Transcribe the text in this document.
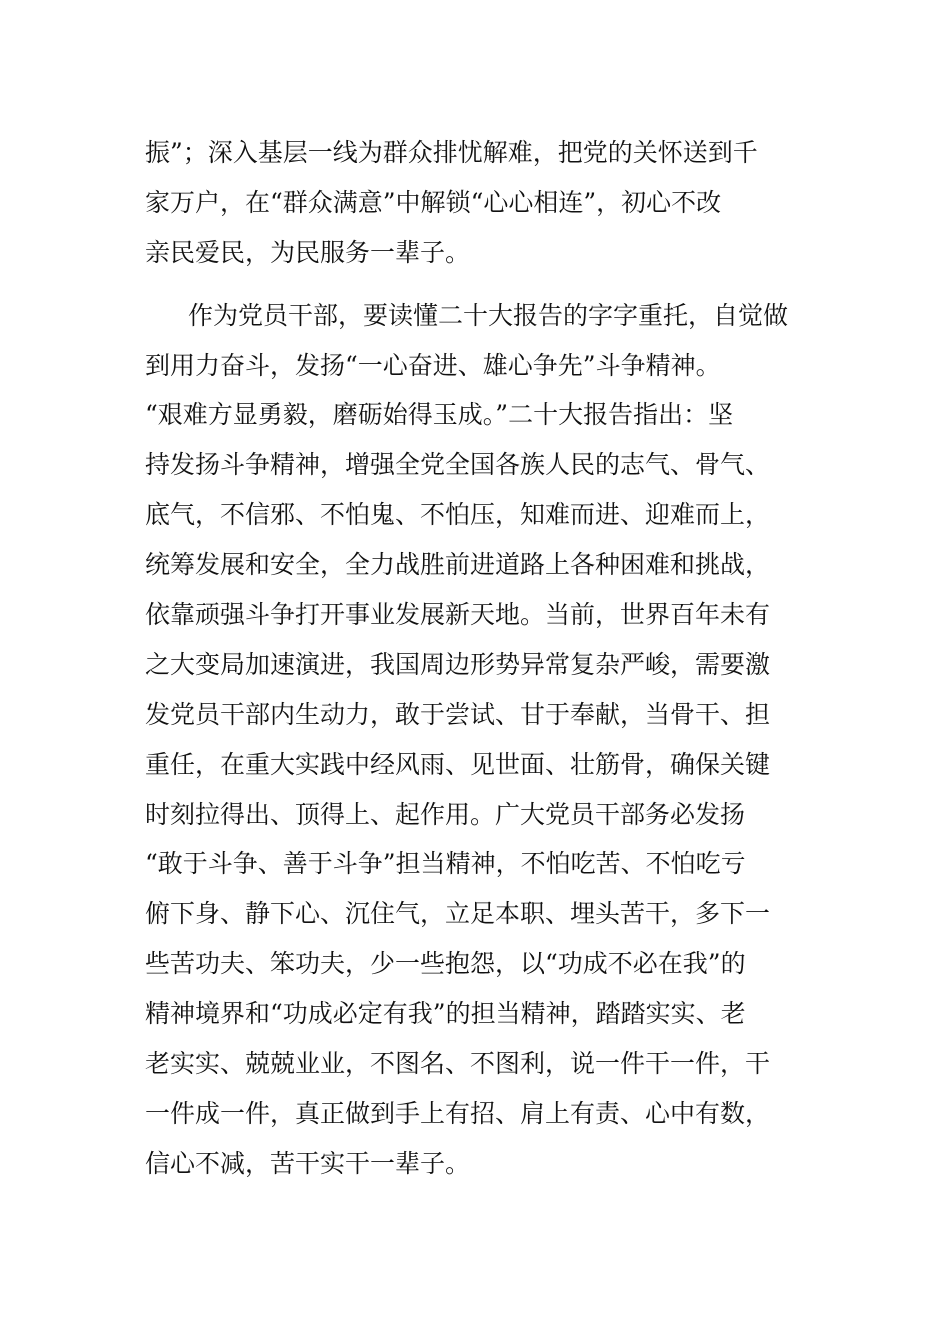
振”；深入基层一线为群众排忧解难，把党的关怀送到千
家万户，在“群众满意”中解锁“心心相连”，初心不改
亲民爱民，为民服务一辈子。
作为党员干部，要读懂二十大报告的字字重托，自觉做
到用力奋斗，发扬“一心奋进、雄心争先”斗争精神。
“艰难方显勇毅，磨砺始得玉成。”二十大报告指出：坚
持发扬斗争精神，增强全党全国各族人民的志气、骨气、
底气，不信邪、不怕鬼、不怕压，知难而进、迎难而上，
统筹发展和安全，全力战胜前进道路上各种困难和挑战，
依靠顽强斗争打开事业发展新天地。当前，世界百年未有
之大变局加速演进，我国周边形势异常复杂严峻，需要激
发党员干部内生动力，敢于尝试、甘于奉献，当骨干、担
重任，在重大实践中经风雨、见世面、壮筋骨，确保关键
时刻拉得出、顶得上、起作用。广大党员干部务必发扬
“敢于斗争、善于斗争”担当精神，不怕吃苦、不怕吃亏
俯下身、静下心、沉住气，立足本职、埋头苦干，多下一
些苦功夫、笨功夫，少一些抱怨，以“功成不必在我”的
精神境界和“功成必定有我”的担当精神，踏踏实实、老
老实实、兢兢业业，不图名、不图利，说一件干一件，干
一件成一件，真正做到手上有招、肩上有责、心中有数，
信心不减，苦干实干一辈子。
